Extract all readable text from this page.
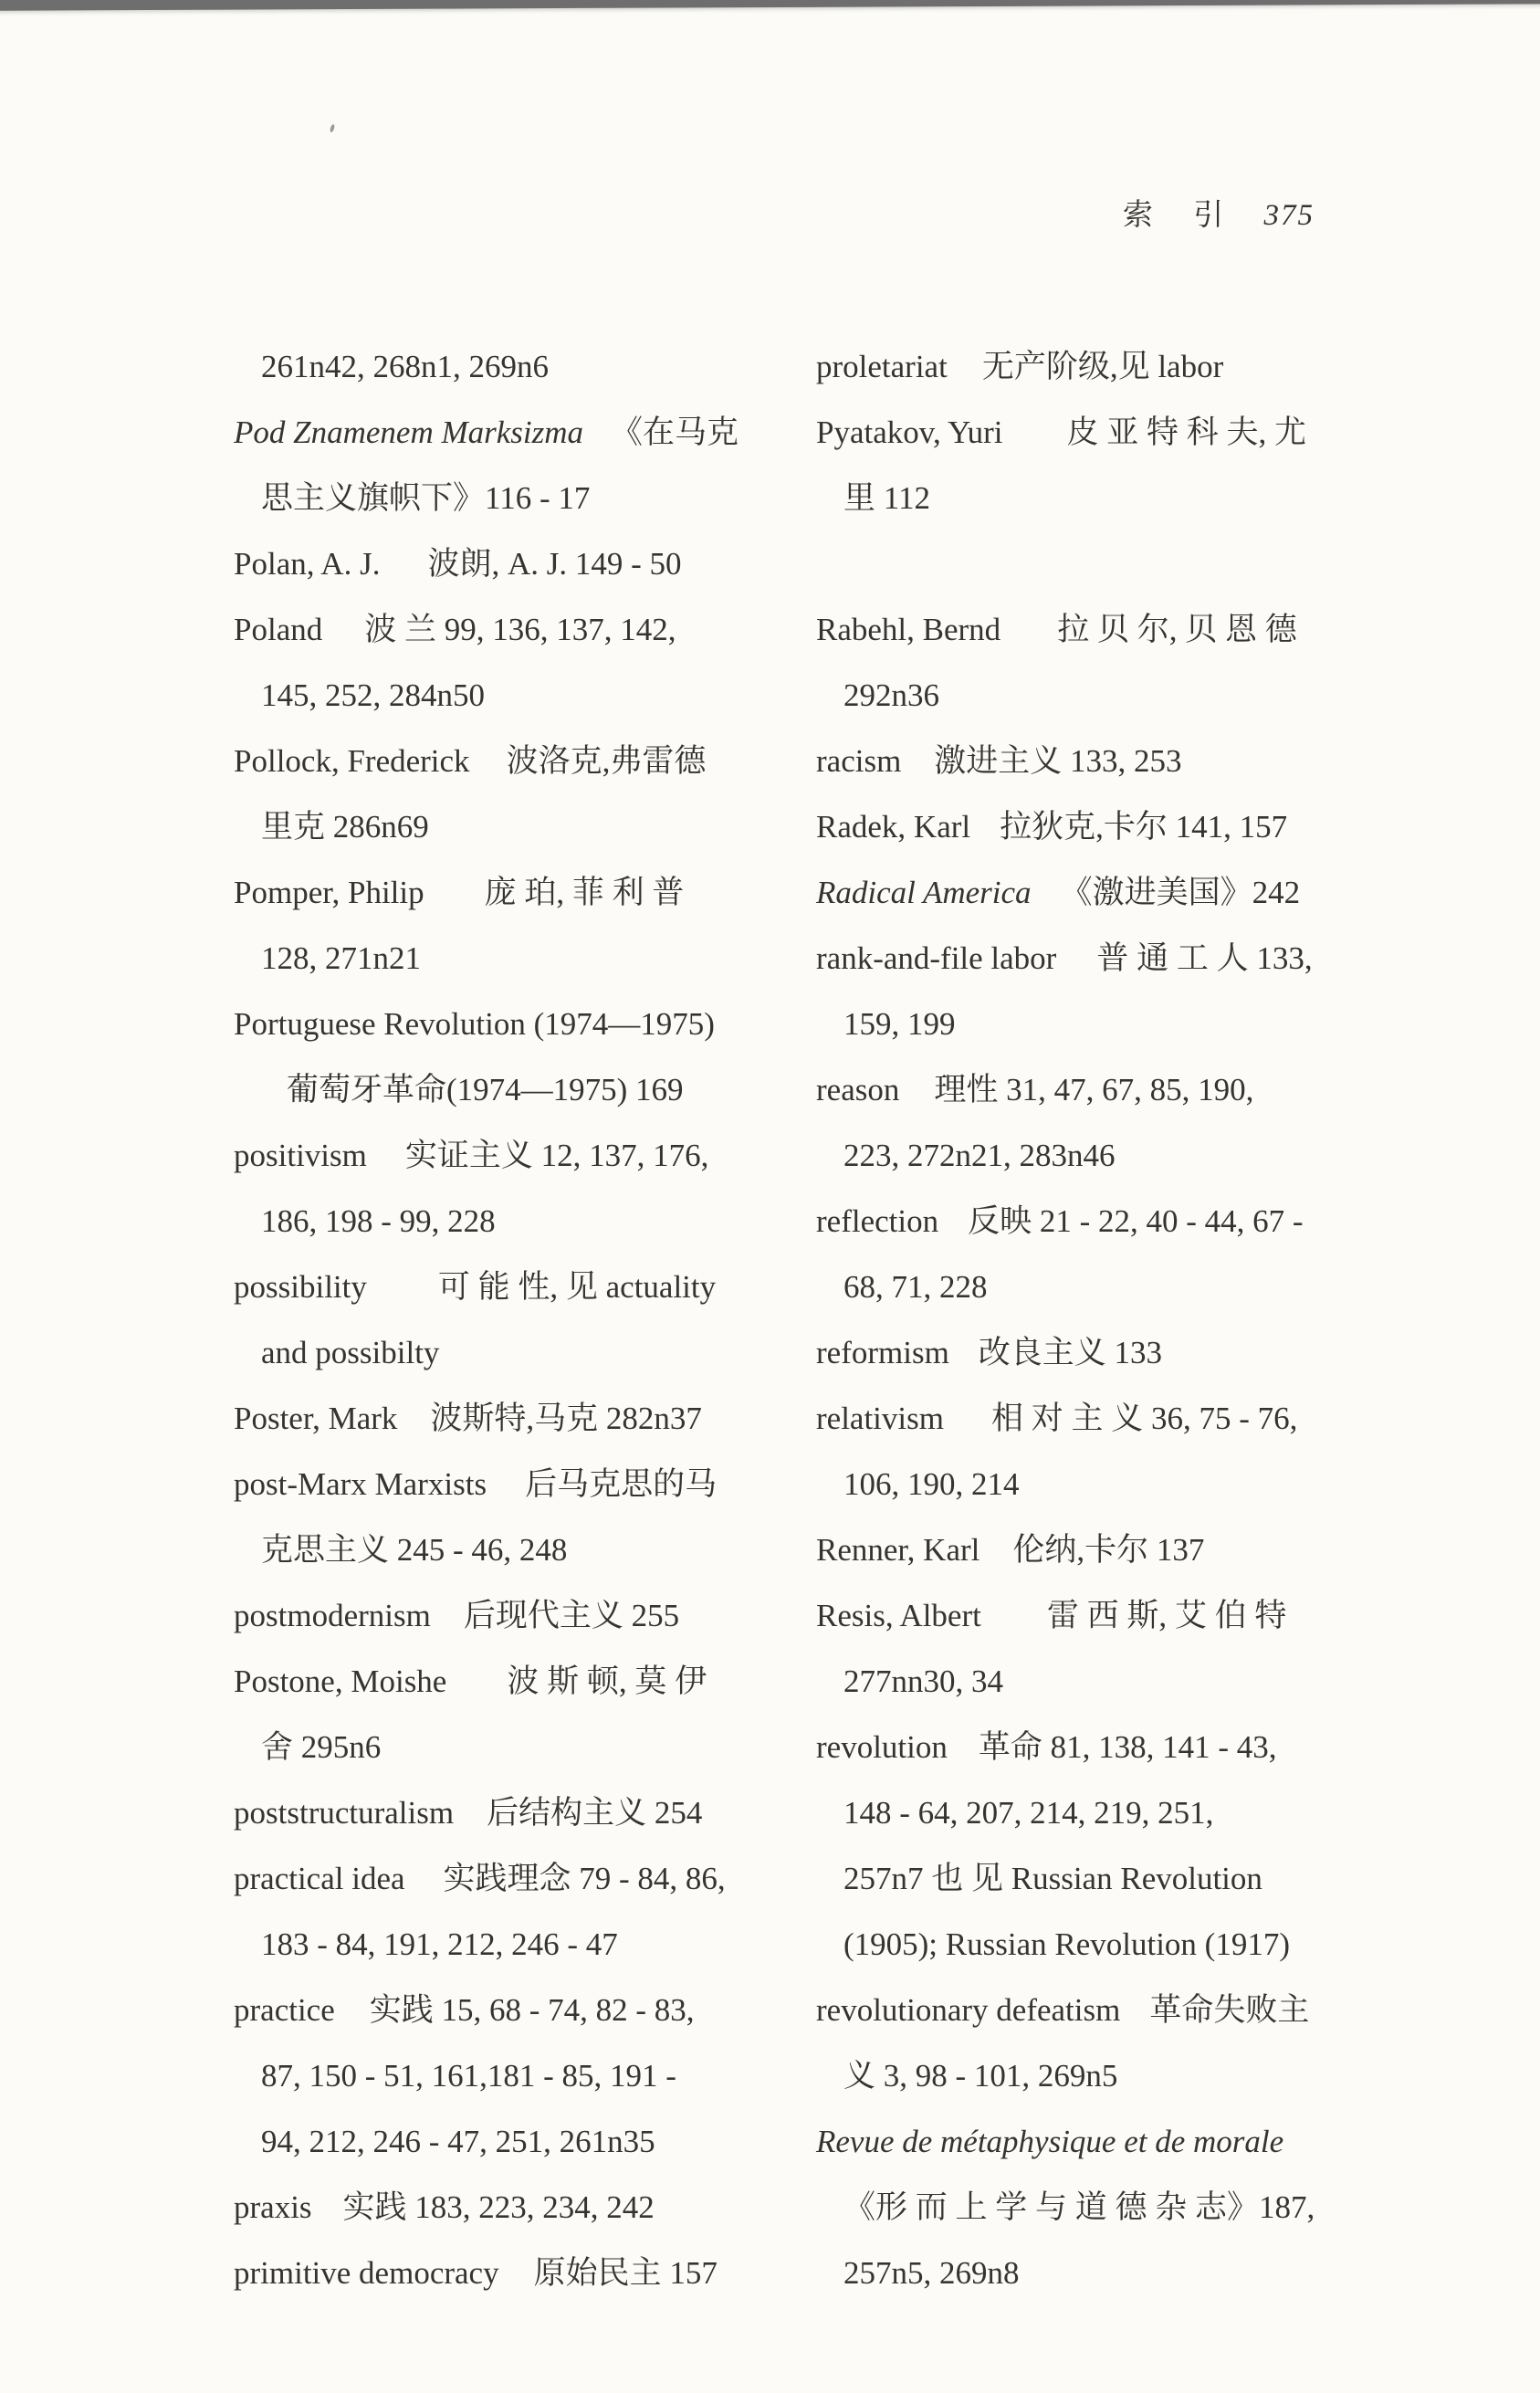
索 引 375
261n42, 268n1, 269n6
Pod Znamenem Marksizma 《在马克
思主义旗帜下》116 - 17
Polan, A. J. 波朗, A. J. 149 - 50
Poland 波 兰 99, 136, 137, 142,
145, 252, 284n50
Pollock, Frederick 波洛克,弗雷德
里克 286n69
Pomper, Philip 庞 珀, 菲 利 普
128, 271n21
Portuguese Revolution (1974—1975)
葡萄牙革命(1974—1975) 169
positivism 实证主义 12, 137, 176,
186, 198 - 99, 228
possibility 可 能 性, 见 actuality
and possibilty
Poster, Mark 波斯特,马克 282n37
post-Marx Marxists 后马克思的马
克思主义 245 - 46, 248
postmodernism 后现代主义 255
Postone, Moishe 波 斯 顿, 莫 伊
舍 295n6
poststructuralism 后结构主义 254
practical idea 实践理念 79 - 84, 86,
183 - 84, 191, 212, 246 - 47
practice 实践 15, 68 - 74, 82 - 83,
87, 150 - 51, 161,181 - 85, 191 -
94, 212, 246 - 47, 251, 261n35
praxis 实践 183, 223, 234, 242
primitive democracy 原始民主 157
proletariat 无产阶级,见 labor
Pyatakov, Yuri 皮 亚 特 科 夫, 尤
里 112
Rabehl, Bernd 拉 贝 尔, 贝 恩 德
292n36
racism 激进主义 133, 253
Radek, Karl 拉狄克,卡尔 141, 157
Radical America 《激进美国》242
rank-and-file labor 普 通 工 人 133,
159, 199
reason 理性 31, 47, 67, 85, 190,
223, 272n21, 283n46
reflection 反映 21 - 22, 40 - 44, 67 -
68, 71, 228
reformism 改良主义 133
relativism 相 对 主 义 36, 75 - 76,
106, 190, 214
Renner, Karl 伦纳,卡尔 137
Resis, Albert 雷 西 斯, 艾 伯 特
277nn30, 34
revolution 革命 81, 138, 141 - 43,
148 - 64, 207, 214, 219, 251,
257n7 也 见 Russian Revolution
(1905); Russian Revolution (1917)
revolutionary defeatism 革命失败主
义 3, 98 - 101, 269n5
Revue de métaphysique et de morale
《形 而 上 学 与 道 德 杂 志》187,
257n5, 269n8
